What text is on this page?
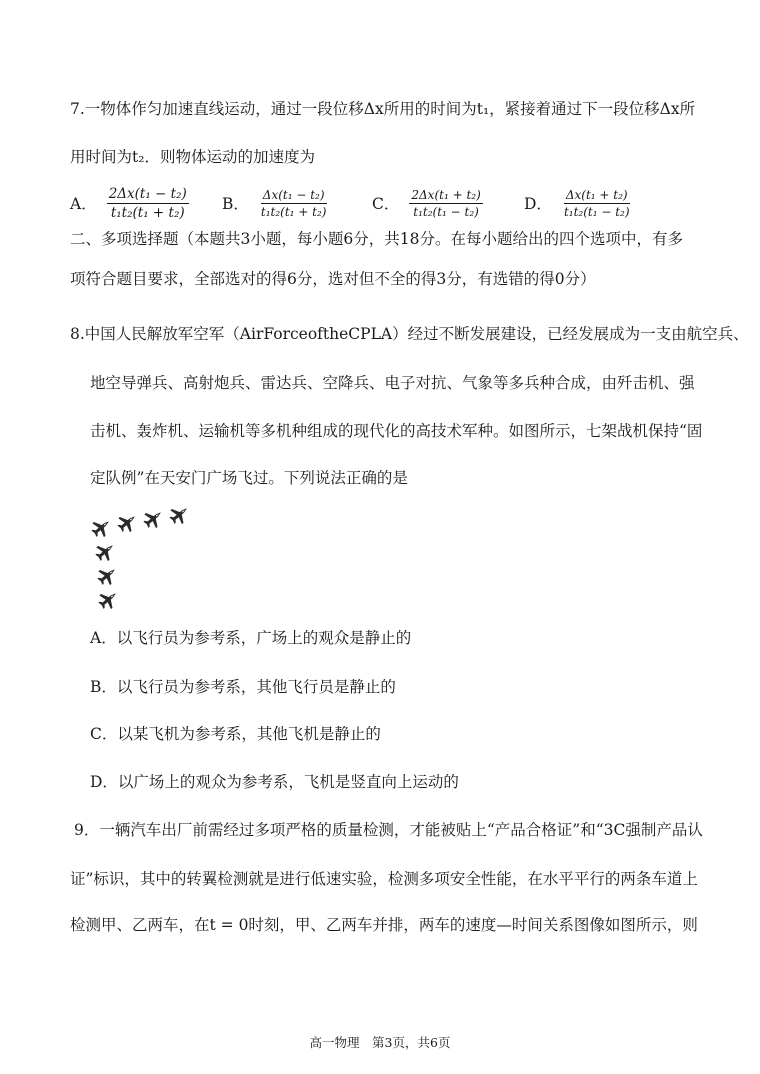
7.一物体作匀加速直线运动，通过一段位移Δx所用的时间为t₁，紧接着通过下一段位移Δx所
用时间为t₂．则物体运动的加速度为
A． $\frac{\text{2Δx(t₁ − t₂)}}{\text{t₁t₂(t₁ + t₂)}}$ B． $\frac{\text{Δx(t₁ − t₂)}}{\text{t₁t₂(t₁ + t₂)}}$	C． $\frac{\text{2Δx(t₁ + t₂)}}{\text{t₁t₂(t₁ − t₂)}}$	D． $\frac{\text{Δx(t₁ + t₂)}}{\text{t₁t₂(t₁ − t₂)}}$
二、多项选择题（本题共3小题，每小题6分，共18分。在每小题给出的四个选项中，有多
项符合题目要求，全部选对的得6分，选对但不全的得3分，有选错的得0分）
8.中国人民解放军空军（AirForceoftheCPLA）经过不断发展建设，已经发展成为一支由航空兵、
地空导弹兵、高射炮兵、雷达兵、空降兵、电子对抗、气象等多兵种合成，由歼击机、强
击机、轰炸机、运输机等多机种组成的现代化的高技术军种。如图所示，七架战机保持“固
定队例”在天安门广场飞过。下列说法正确的是
A．以飞行员为参考系，广场上的观众是静止的
B．以飞行员为参考系，其他飞行员是静止的
C．以某飞机为参考系，其他飞机是静止的
D．以广场上的观众为参考系，飞机是竖直向上运动的
9．一辆汽车出厂前需经过多项严格的质量检测，才能被贴上“产品合格证”和“3C强制产品认
证”标识，其中的转翼检测就是进行低速实验，检测多项安全性能，在水平平行的两条车道上
检测甲、乙两车，在t = 0时刻，甲、乙两车并排，两车的速度—时间关系图像如图所示，则
高一物理　第3页，共6页
